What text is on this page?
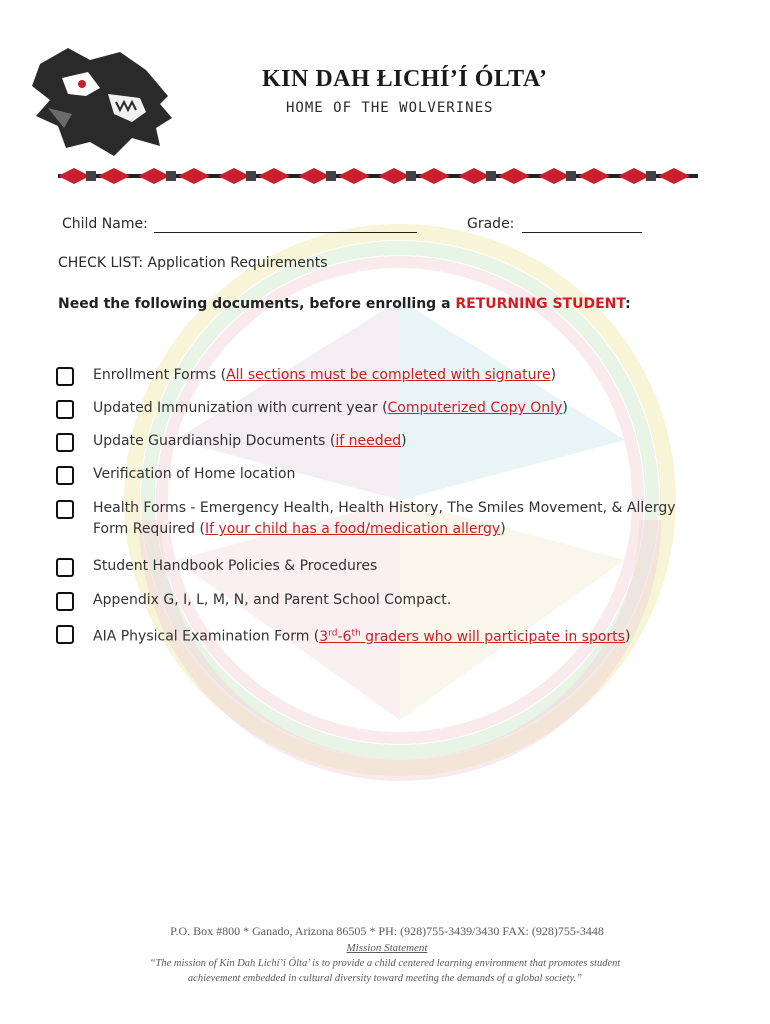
KIN DAH ŁICHÍ’Í ÓLTA’
HOME OF THE WOLVERINES
Child Name:	Grade:
CHECK LIST: Application Requirements
Need the following documents, before enrolling a RETURNING STUDENT:
Enrollment Forms (All sections must be completed with signature)
Updated Immunization with current year (Computerized Copy Only)
Update Guardianship Documents (if needed)
Verification of Home location
Health Forms - Emergency Health, Health History, The Smiles Movement, & Allergy Form Required (If your child has a food/medication allergy)
Student Handbook Policies & Procedures
Appendix G, I, L, M, N, and Parent School Compact.
AIA Physical Examination Form (3rd-6th graders who will participate in sports)
P.O. Box #800 * Ganado, Arizona 86505 * PH: (928)755-3439/3430 FAX: (928)755-3448
Mission Statement
“The mission of Kin Dah Lichí’i Ólta’ is to provide a child centered learning environment that promotes student
achievement embedded in cultural diversity toward meeting the demands of a global society.”
